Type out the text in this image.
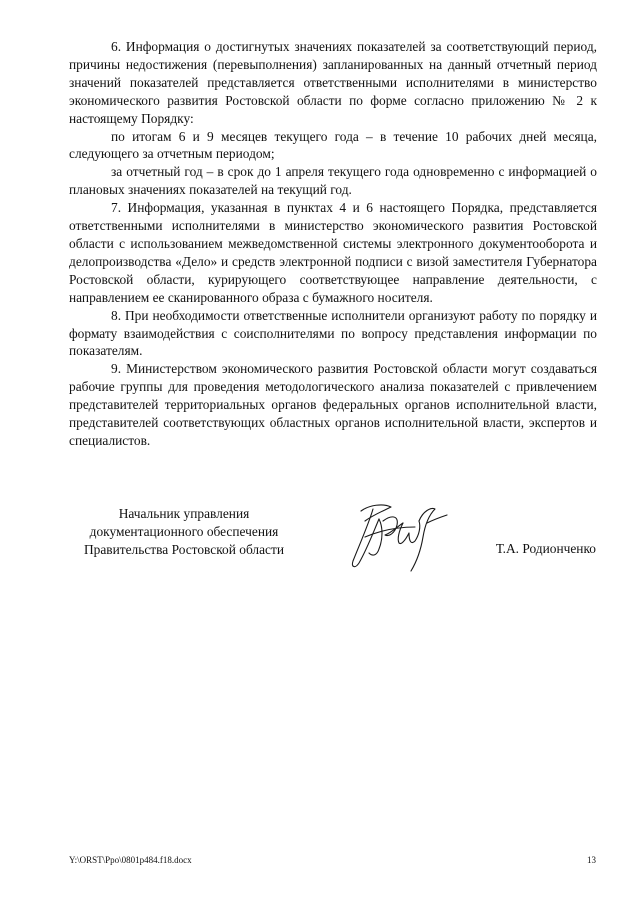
6. Информация о достигнутых значениях показателей за соответствующий период, причины недостижения (перевыполнения) запланированных на данный отчетный период значений показателей представляется ответственными исполнителями в министерство экономического развития Ростовской области по форме согласно приложению № 2 к настоящему Порядку:

по итогам 6 и 9 месяцев текущего года – в течение 10 рабочих дней месяца, следующего за отчетным периодом;

за отчетный год – в срок до 1 апреля текущего года одновременно с информацией о плановых значениях показателей на текущий год.

7. Информация, указанная в пунктах 4 и 6 настоящего Порядка, представляется ответственными исполнителями в министерство экономического развития Ростовской области с использованием межведомственной системы электронного документооборота и делопроизводства «Дело» и средств электронной подписи с визой заместителя Губернатора Ростовской области, курирующего соответствующее направление деятельности, с направлением ее сканированного образа с бумажного носителя.

8. При необходимости ответственные исполнители организуют работу по порядку и формату взаимодействия с соисполнителями по вопросу представления информации по показателям.

9. Министерством экономического развития Ростовской области могут создаваться рабочие группы для проведения методологического анализа показателей с привлечением представителей территориальных органов федеральных органов исполнительной власти, представителей соответствующих областных органов исполнительной власти, экспертов и специалистов.

Начальник управления
документационного обеспечения
Правительства Ростовской области	Т.А. Родионченко
Y:\ORST\Ppo\0801p484.f18.docx	13
